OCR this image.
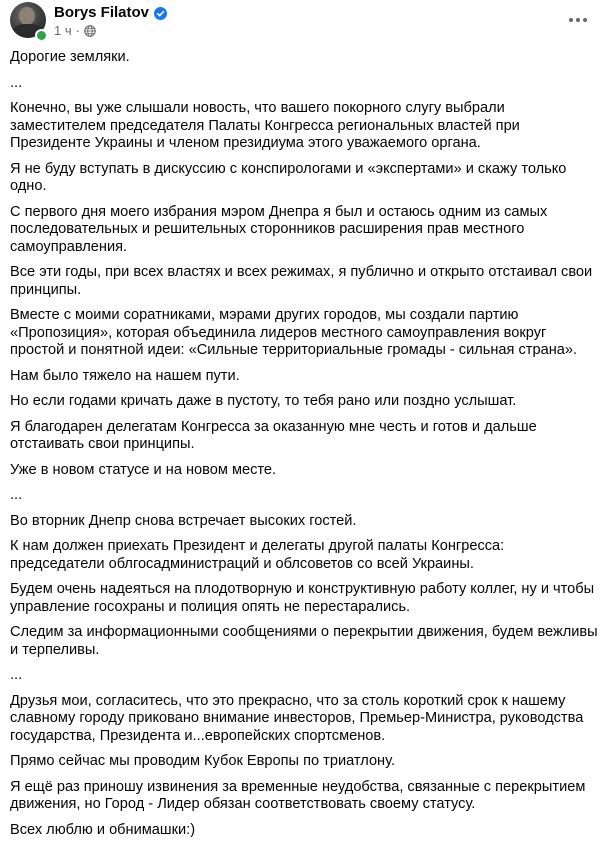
Borys Filatov
1 ч ·

Дорогие земляки.

...

Конечно, вы уже слышали новость, что вашего покорного слугу выбрали заместителем председателя Палаты Конгресса региональных властей при Президенте Украины и членом президиума этого уважаемого органа.

Я не буду вступать в дискуссию с конспирологами и «экспертами» и скажу только одно.

С первого дня моего избрания мэром Днепра я был и остаюсь одним из самых последовательных и решительных сторонников расширения прав местного самоуправления.

Все эти годы, при всех властях и всех режимах, я публично и открыто отстаивал свои принципы.

Вместе с моими соратниками, мэрами других городов, мы создали партию «Пропозиция», которая объединила лидеров местного самоуправления вокруг простой и понятной идеи: «Сильные территориальные громады - сильная страна».

Нам было тяжело на нашем пути.

Но если годами кричать даже в пустоту, то тебя рано или поздно услышат.

Я благодарен делегатам Конгресса за оказанную мне честь и готов и дальше отстаивать свои принципы.

Уже в новом статусе и на новом месте.

...

Во вторник Днепр снова встречает высоких гостей.

К нам должен приехать Президент и делегаты другой палаты Конгресса: председатели облгосадминистраций и облсоветов со всей Украины.

Будем очень надеяться на плодотворную и конструктивную работу коллег, ну и чтобы управление госохраны и полиция опять не перестарались.

Следим за информационными сообщениями о перекрытии движения, будем вежливы и терпеливы.

...

Друзья мои, согласитесь, что это прекрасно, что за столь короткий срок к нашему славному городу приковано внимание инвесторов, Премьер-Министра, руководства государства, Президента и...европейских спортсменов.

Прямо сейчас мы проводим Кубок Европы по триатлону.

Я ещё раз приношу извинения за временные неудобства, связанные с перекрытием движения, но Город - Лидер обязан соответствовать своему статусу.

Всех люблю и обнимашки:)
